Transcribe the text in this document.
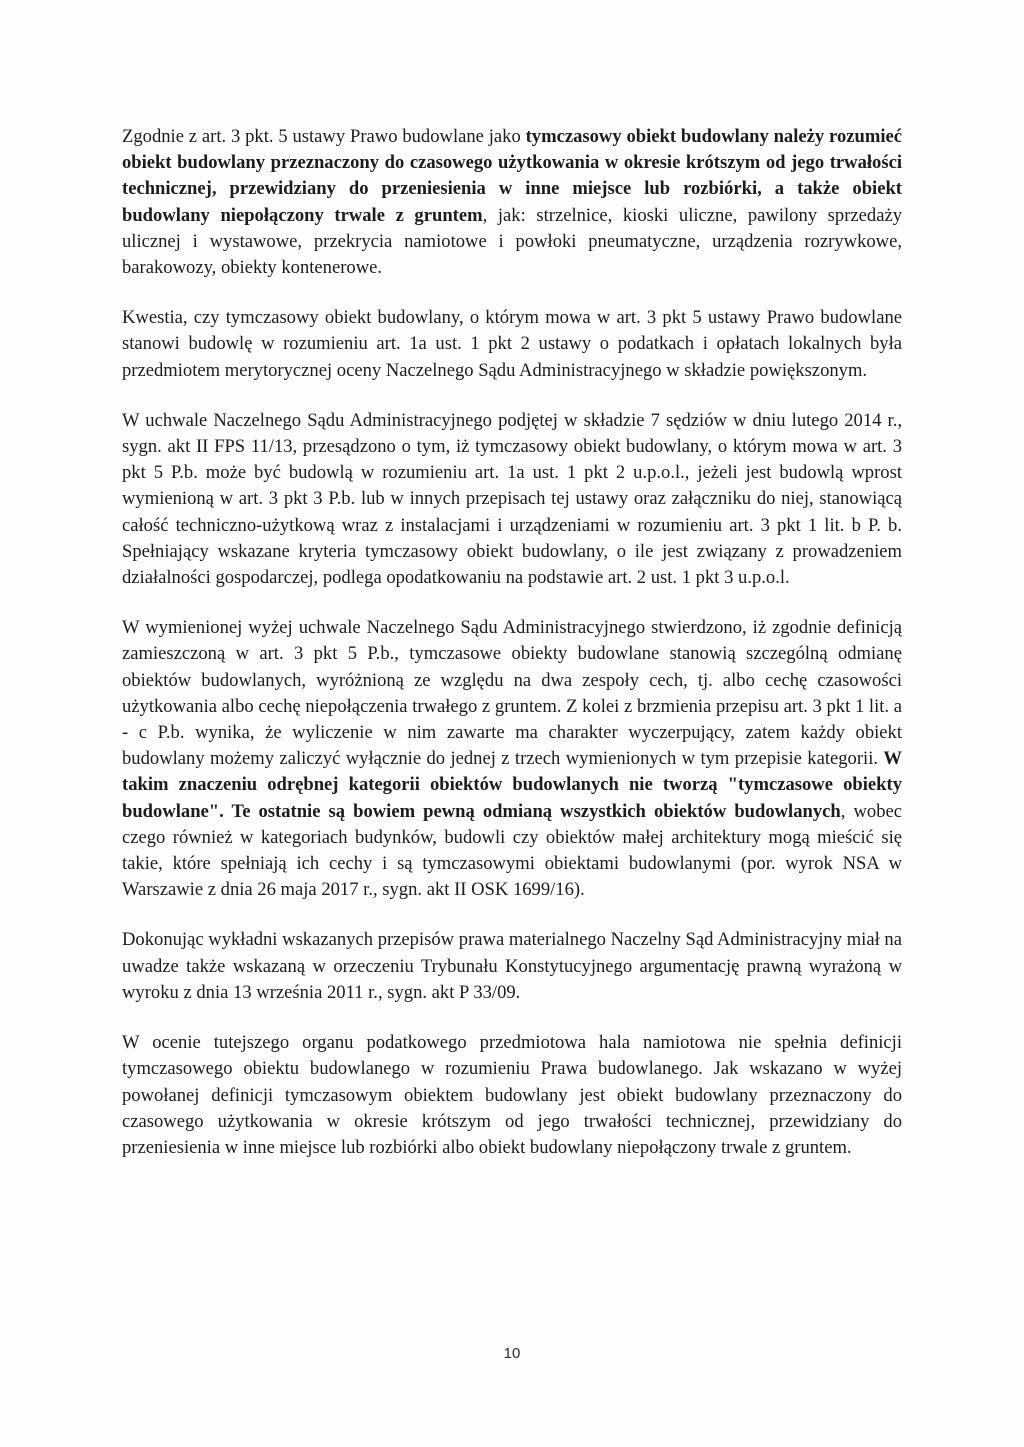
Zgodnie z art. 3 pkt. 5 ustawy Prawo budowlane jako tymczasowy obiekt budowlany należy rozumieć obiekt budowlany przeznaczony do czasowego użytkowania w okresie krótszym od jego trwałości technicznej, przewidziany do przeniesienia w inne miejsce lub rozbiórki, a także obiekt budowlany niepołączony trwale z gruntem, jak: strzelnice, kioski uliczne, pawilony sprzedaży ulicznej i wystawowe, przekrycia namiotowe i powłoki pneumatyczne, urządzenia rozrywkowe, barakowozy, obiekty kontenerowe.

Kwestia, czy tymczasowy obiekt budowlany, o którym mowa w art. 3 pkt 5 ustawy Prawo budowlane stanowi budowlę w rozumieniu art. 1a ust. 1 pkt 2 ustawy o podatkach i opłatach lokalnych była przedmiotem merytorycznej oceny Naczelnego Sądu Administracyjnego w składzie powiększonym.

W uchwale Naczelnego Sądu Administracyjnego podjętej w składzie 7 sędziów w dniu lutego 2014 r., sygn. akt II FPS 11/13, przesądzono o tym, iż tymczasowy obiekt budowlany, o którym mowa w art. 3 pkt 5 P.b. może być budowlą w rozumieniu art. 1a ust. 1 pkt 2 u.p.o.l., jeżeli jest budowlą wprost wymienioną w art. 3 pkt 3 P.b. lub w innych przepisach tej ustawy oraz załączniku do niej, stanowiącą całość techniczno-użytkową wraz z instalacjami i urządzeniami w rozumieniu art. 3 pkt 1 lit. b P. b. Spełniający wskazane kryteria tymczasowy obiekt budowlany, o ile jest związany z prowadzeniem działalności gospodarczej, podlega opodatkowaniu na podstawie art. 2 ust. 1 pkt 3 u.p.o.l.

W wymienionej wyżej uchwale Naczelnego Sądu Administracyjnego stwierdzono, iż zgodnie definicją zamieszczoną w art. 3 pkt 5 P.b., tymczasowe obiekty budowlane stanowią szczególną odmianę obiektów budowlanych, wyróżnioną ze względu na dwa zespoły cech, tj. albo cechę czasowości użytkowania albo cechę niepołączenia trwałego z gruntem. Z kolei z brzmienia przepisu art. 3 pkt 1 lit. a - c P.b. wynika, że wyliczenie w nim zawarte ma charakter wyczerpujący, zatem każdy obiekt budowlany możemy zaliczyć wyłącznie do jednej z trzech wymienionych w tym przepisie kategorii. W takim znaczeniu odrębnej kategorii obiektów budowlanych nie tworzą "tymczasowe obiekty budowlane". Te ostatnie są bowiem pewną odmianą wszystkich obiektów budowlanych, wobec czego również w kategoriach budynków, budowli czy obiektów małej architektury mogą mieścić się takie, które spełniają ich cechy i są tymczasowymi obiektami budowlanymi (por. wyrok NSA w Warszawie z dnia 26 maja 2017 r., sygn. akt II OSK 1699/16).

Dokonując wykładni wskazanych przepisów prawa materialnego Naczelny Sąd Administracyjny miał na uwadze także wskazaną w orzeczeniu Trybunału Konstytucyjnego argumentację prawną wyrażoną w wyroku z dnia 13 września 2011 r., sygn. akt P 33/09.

W ocenie tutejszego organu podatkowego przedmiotowa hala namiotowa nie spełnia definicji tymczasowego obiektu budowlanego w rozumieniu Prawa budowlanego. Jak wskazano w wyżej powołanej definicji tymczasowym obiektem budowlany jest obiekt budowlany przeznaczony do czasowego użytkowania w okresie krótszym od jego trwałości technicznej, przewidziany do przeniesienia w inne miejsce lub rozbiórki albo obiekt budowlany niepołączony trwale z gruntem.

10
